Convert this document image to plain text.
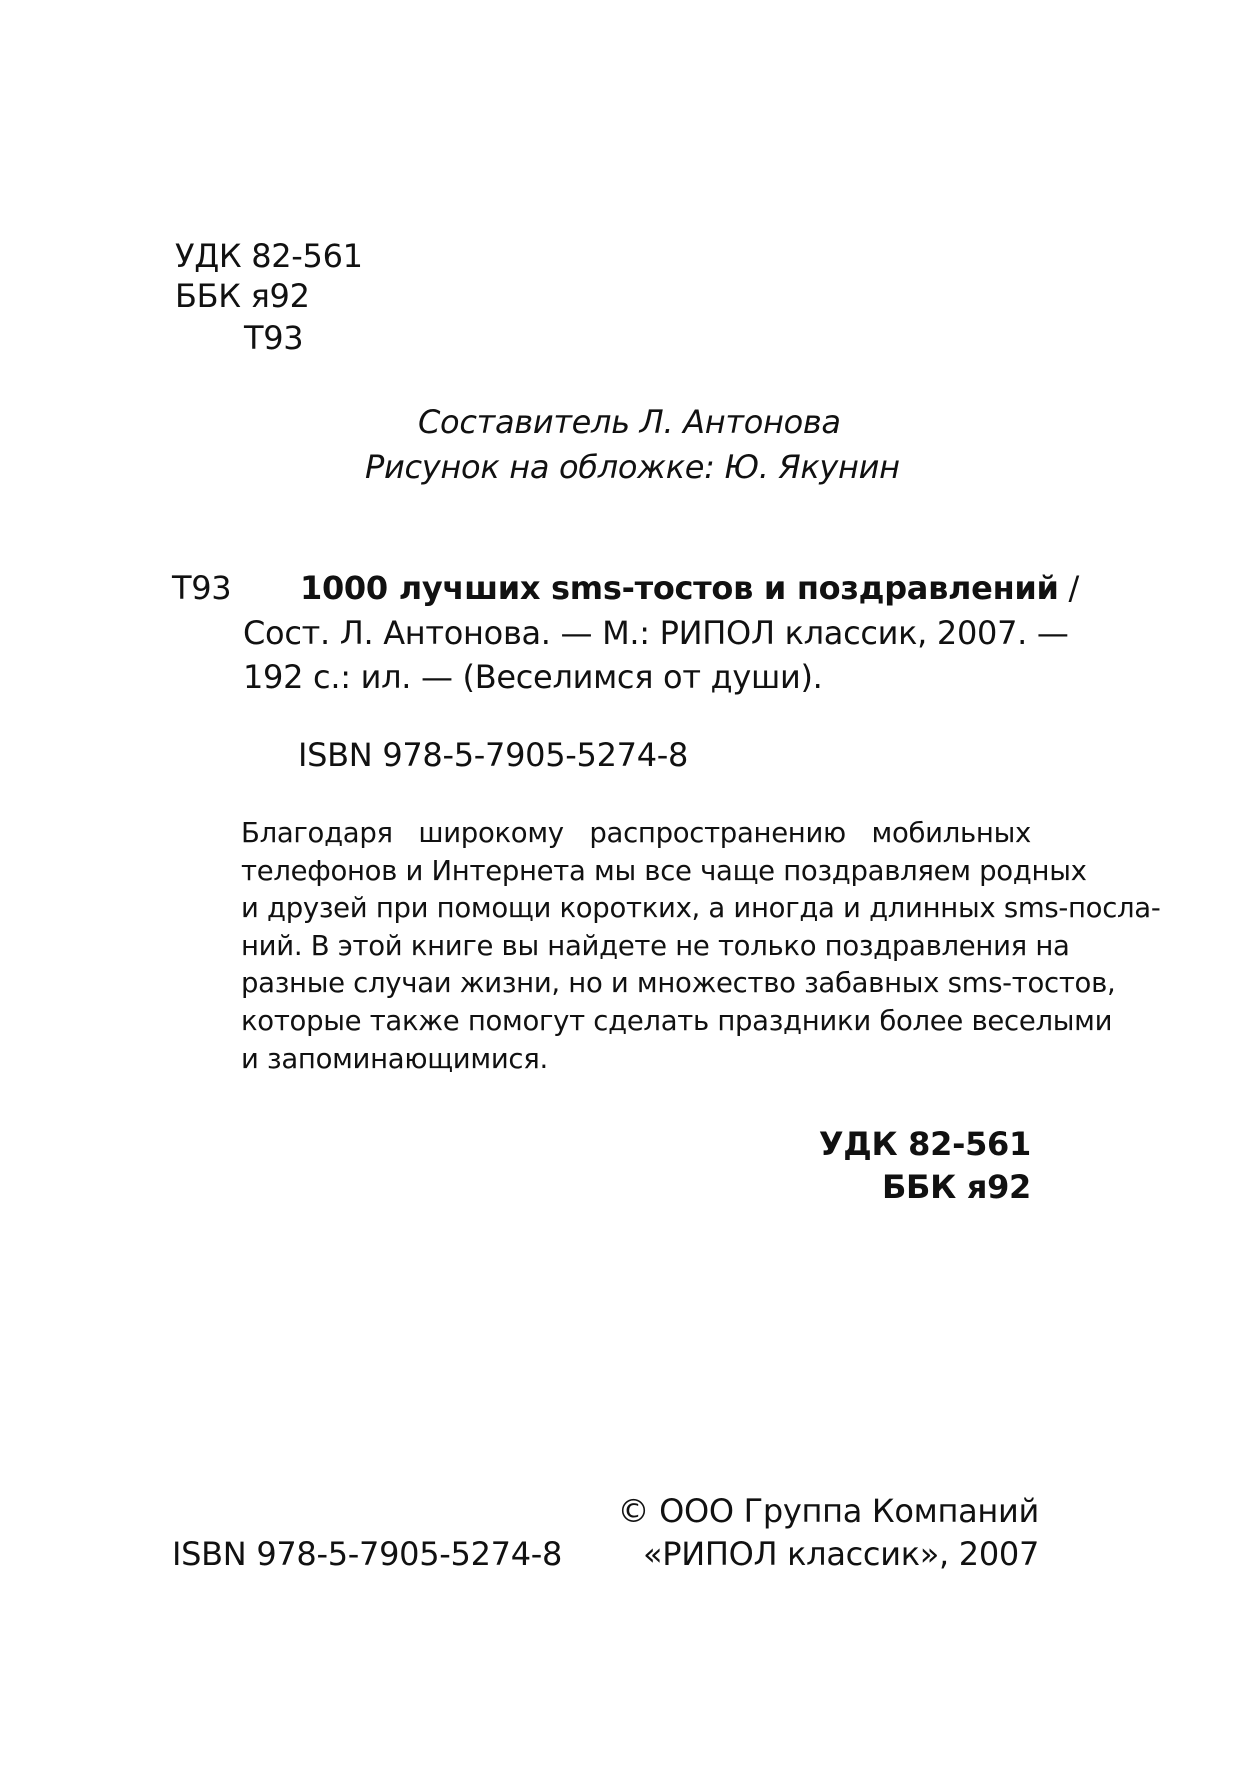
УДК 82-561
ББК я92
Т93
Составитель Л. Антонова
Рисунок на обложке: Ю. Якунин
Т93 1000 лучших sms-тостов и поздравлений /
Сост. Л. Антонова. — М.: РИПОЛ классик, 2007. —
192 с.: ил. — (Веселимся от души).
ISBN 978-5-7905-5274-8
Благодаря широкому распространению мобильных
телефонов и Интернета мы все чаще поздравляем родных
и друзей при помощи коротких, а иногда и длинных sms-посла-
ний. В этой книге вы найдете не только поздравления на
разные случаи жизни, но и множество забавных sms-тостов,
которые также помогут сделать праздники более веселыми
и запоминающимися.
УДК 82-561
ББК я92
© ООО Группа Компаний
ISBN 978-5-7905-5274-8	«РИПОЛ классик», 2007
